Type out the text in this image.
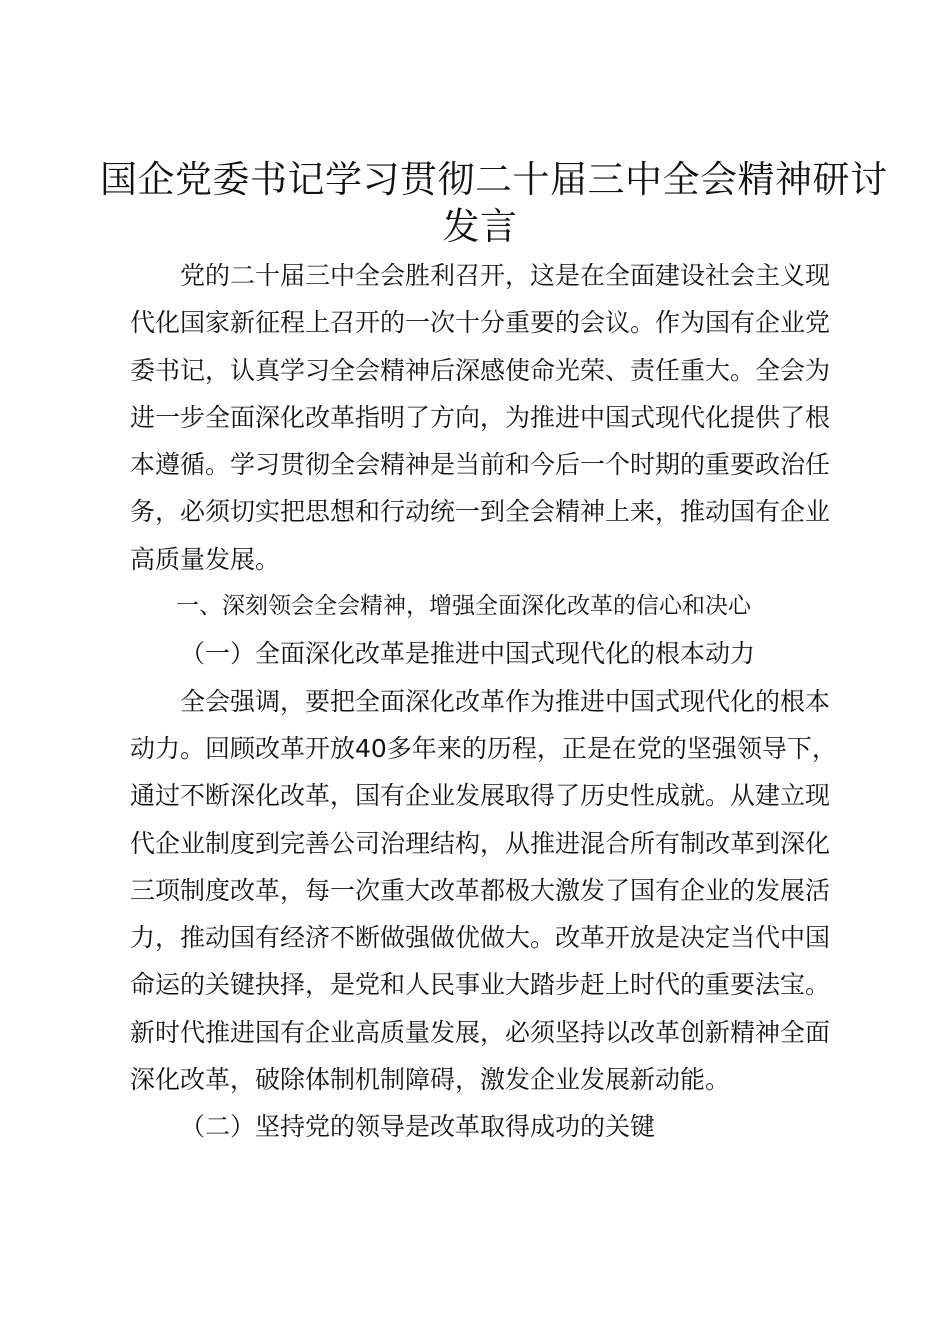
国企党委书记学习贯彻二十届三中全会精神研讨
发言
党的二十届三中全会胜利召开，这是在全面建设社会主义现
代化国家新征程上召开的一次十分重要的会议。作为国有企业党
委书记，认真学习全会精神后深感使命光荣、责任重大。全会为
进一步全面深化改革指明了方向，为推进中国式现代化提供了根
本遵循。学习贯彻全会精神是当前和今后一个时期的重要政治任
务，必须切实把思想和行动统一到全会精神上来，推动国有企业
高质量发展。
一、深刻领会全会精神，增强全面深化改革的信心和决心
（一）全面深化改革是推进中国式现代化的根本动力
全会强调，要把全面深化改革作为推进中国式现代化的根本
动力。回顾改革开放40多年来的历程，正是在党的坚强领导下，
通过不断深化改革，国有企业发展取得了历史性成就。从建立现
代企业制度到完善公司治理结构，从推进混合所有制改革到深化
三项制度改革，每一次重大改革都极大激发了国有企业的发展活
力，推动国有经济不断做强做优做大。改革开放是决定当代中国
命运的关键抉择，是党和人民事业大踏步赶上时代的重要法宝。
新时代推进国有企业高质量发展，必须坚持以改革创新精神全面
深化改革，破除体制机制障碍，激发企业发展新动能。
（二）坚持党的领导是改革取得成功的关键
